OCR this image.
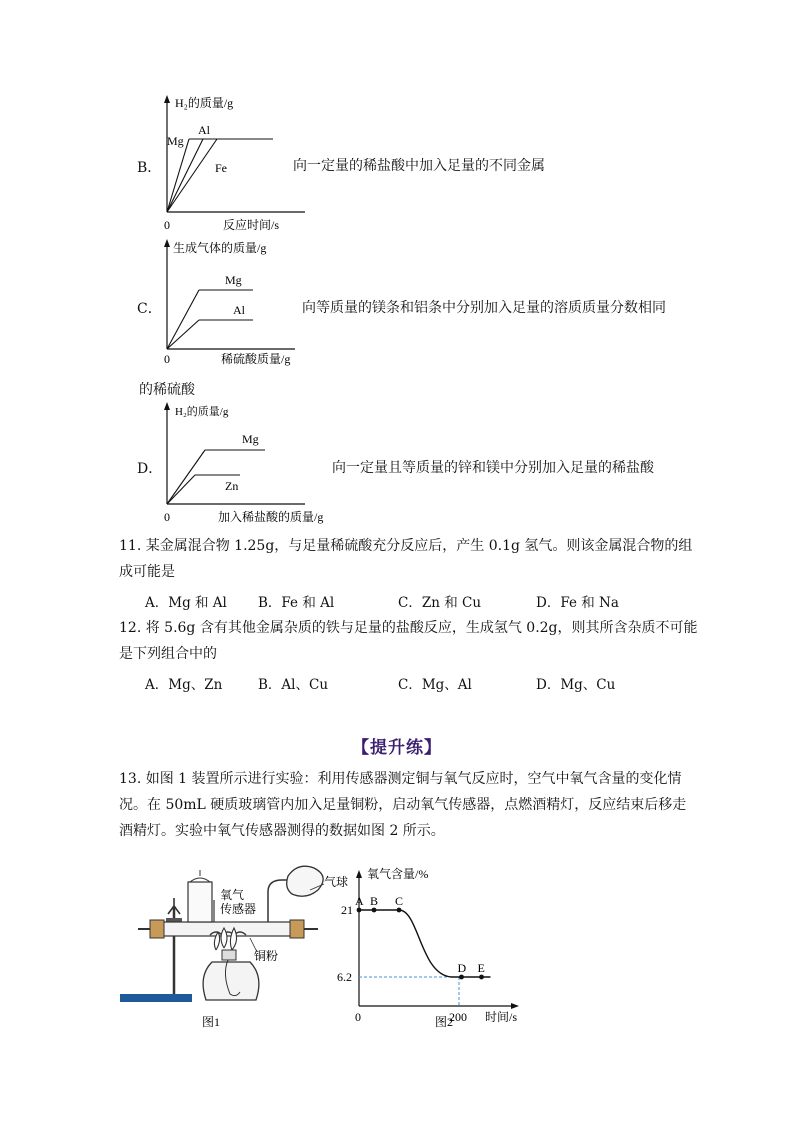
B．
H₂的质量/g
Mg
Al
Fe
0	反应时间/s
向一定量的稀盐酸中加入足量的不同金属
C．
生成气体的质量/g
Mg
Al
0	稀硫酸质量/g
向等质量的镁条和铝条中分别加入足量的溶质质量分数相同
的稀硫酸
D．
H₂的质量/g
Mg
Zn
0	加入稀盐酸的质量/g
向一定量且等质量的锌和镁中分别加入足量的稀盐酸
11. 某金属混合物 1.25g，与足量稀硫酸充分反应后，产生 0.1g 氢气。则该金属混合物的组
成可能是
A．Mg 和 Al B．Fe 和 Al	C．Zn 和 Cu	D．Fe 和 Na
12. 将 5.6g 含有其他金属杂质的铁与足量的盐酸反应，生成氢气 0.2g，则其所含杂质不可能
是下列组合中的
A．Mg、Zn	B．Al、Cu	C．Mg、Al	D．Mg、Cu
【提升练】
13. 如图 1 装置所示进行实验：利用传感器测定铜与氧气反应时，空气中氧气含量的变化情
况。在 50mL 硬质玻璃管内加入足量铜粉，启动氧气传感器，点燃酒精灯，反应结束后移走
酒精灯。实验中氧气传感器测得的数据如图 2 所示。
氧气
传感器
气球
铜粉
图1
A B C
D E
氧气含量/%
21
6.2
0	200 时间/s
图2
